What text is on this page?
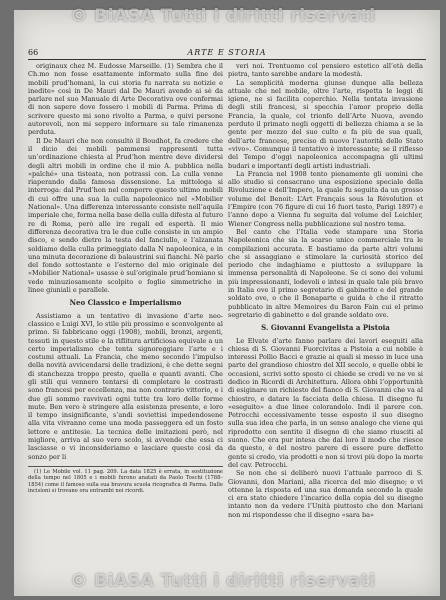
© BiASA Tutti i diritti riservati
66	ARTE E STORIA

originaux chez M. Eudosse Marseille. (1) Sembra che il Ch.mo non fosse esattamente informato sulla fine dei mobili prud’homani, la cui storia fu narrata su notizie e inedite» così in De Mauri dal De Mauri avendo ai sè da parlare nel suo Manuale di Arte Decorativa ove confermai di non sapere dove fossero i mobili di Parma. Prima di scrivere questo mi sono rivolto a Parma, e quivi persone autorevoli, non mi seppero informare su tale rimanenza perduta.

Il De Mauri che non consultò il Boudhot, fa credere che il dicio dei mobili pammensi rappresenti tutta un’ordinazione chiesta al Prud’hon mentre deve dividersi degli altri mobili in ordine che il mio A. pubblica nella «païché» una tisteata, non potrassi con. La culla venne riaperando dalla famosa dissensione. La mittologa si interroga: dal Prud’hon nel comporre questo ultimo mobili di cui offre una sua la culla napoleonico nel «Mobilier National». Una differenza interessante consiste nell’aquila imperiale che, forma nella base della culla difesta al futuro re di Roma, però alle ire regali ed espertà. Il mio differenza decorativa tra le due culle consiste in un ampio disco, e sendo dietro la testa del fanciullo, e l’alzanata soldiamo della culla primeggiato dalla N napoleonica, e in una minuta decorazione di balaustrini sui fianchi. Nè parlo del fondo sottostante e l’esterno del mio originale del «Mobilier National» usasse è sul’originale prud’homiano si vede minuziosamente scolpito e foglie simmetriche in linee giuniali e parallele.

Neo Classico e Imperialismo

Assistiamo a un tentativo di invasione d’arte neo-classico e Luigi XVI, lo stile più prossimo e sconvolgente al primo. Si fabbricano oggi (1908), mobili, bronzi, argenti, tessuti in questo stile e la riflitura artificiosa equivale a un certo imperialismo che tenta signoreggiare l’arte e i costumi attuali. La Francia, che meno secondo l’impulso della novità avvicendarsi delle tradizioni, è che dette segni di stanchezza troppo presto, quella e quanti avanti. Che gli stili qui vennero tentarsi di completare le costrasti sono francesi per eccellenza, ma non contrario vittorio, e i due gli sommo ravvivati ogni tutte tra loro delle forme mute. Ben vero è stringere alla esistenza presente, e loro il tempo insignificante, s’andi soviettisi impedendosene alla vita vivranno come una moda passeggera ed un fosto lettore e antitesie. La tecnica delle imitazioni però, nel migliore, arriva al suo vero scolo, si avvende che essa ci lasciasse o vi inconsideriamo e lasciare queste così da sonzo per li

(1) Le Mobile vol. 11 pag. 209. La data 1825 è errata, in sostituzione della tempo nel 1805 e i mobili furono anatati da Paolo Toschi (1788–1854) come il famoso sulla sua bravura scuola ricografica di Parma. Dalle incisioni si trovano ora entrambi nei ricordi.

veri noi. Trentuomo col pensiero estetico all’età della pietra, tanto sarebbe andare la modestà.

La semplicità moderna giunse dunque alla belleza attuale che nel mobile, oltre l’arte, rispetta le leggi di igiene, ne si facilita coperchio. Nella tentata invasione degli stili francesi, si specchia l’amor proprio della Francia, la quale, col trionfo dell’Arte Nuova, avendo perduto il primato negli oggetti di bellezza chiama a se la gente per mezzo del suo culto e fa più de sua quali, dell’arte francese, preciso di nuovo l’autorità dello Stato «vivo». Comunque il tentativo è interessante; se il riflesso del Tempo d’oggi napoleonica accompagna gli ultimi budari e importanti degli artisti industriali.

La Francia nel 1908 tento pienamente gli uomini che allo studio si consacrano una esposizione speciale della Rivoluzione e dell’Impero, la quale fu seguita da un grosso volume del Benoit: L’Art Français sous la Révolution et l’Empire (con 76 figure di cui 16 fuori testo, Parigi 1897) e l’anno dopo a Vienna fu seguita dal volume del Leichler, Wiener Congress nella pubblicazione sul nostro tema.

Bel canto che l’Italia vede stampare una Storia Napoleonica che sia la scarso unico commerciale tra le compilazioni accurata. E bastiamo da parte altri volumi che si assaggiano e stimolare la curiosità storico del periodo che indaghiamo e piuttosto a sviluppare la immensa personalità di Napoleone. Se ci sono dei volumi più impressionanti, lodevoli e intesi in quale tale più bravo in Italia ove il primo segretario di gabinetto e del grande soldato ove, o che il Bonaparte e guida è che il ritratto pubblicato in altre Memoires du Baron Fain cui el primo segretario di gabinetto e del grande soldato ove.

S. Giovanni Evangelista a Pistoia

Le Elvate d’arte fanno parlare dei lavori eseguiti alla chiesa di S. Giovanni Fuorcivitas a Pistoia a cui nobile è interessi Pollio Bacci e grazie ai quali si messo in luce una parte del grandioso chiostro del XII secolo, e quelle obbi le occasioni, scrivi sotto sposto ci chiede se credi ve ne ve si dedico in Ricordi di Architettura. Allora obbi l’opportunità di esiginare un richiesto del fianco di S. Giovanni che va al chiostro, e datare la facciata della chiesa. Il disegno fu «eseguito» a due linee colorandolo. Indi il parere con. Petrocchi eccessivamente tesse esposto il suo disegno sulla sua idea che parla, in un senso analogo che viene qui riprodotto con sentite il disegno di che siamo riusciti al suono. Che era pur intesa che dai loro il modo che riesce da questo, è del nostro parere di essere pure deffetto gente si credo, via prodotti e non si trovi più dopo la morte del cav. Petrocchi.

Se non che si deliberò nuovi l’attuale parroco di S. Giovanni, don Mariani, alla ricerca del mio disegno; e vi ottenne la risposta ed una sua domanda secondo la quale ci era stato chiedere l’incarico della copia del su disegno intanto non da vedere l’Unità piuttosto che don Mariani non mi rispondesse che il disegno «sara ba»

© BiASA Tutti i diritti riservati
